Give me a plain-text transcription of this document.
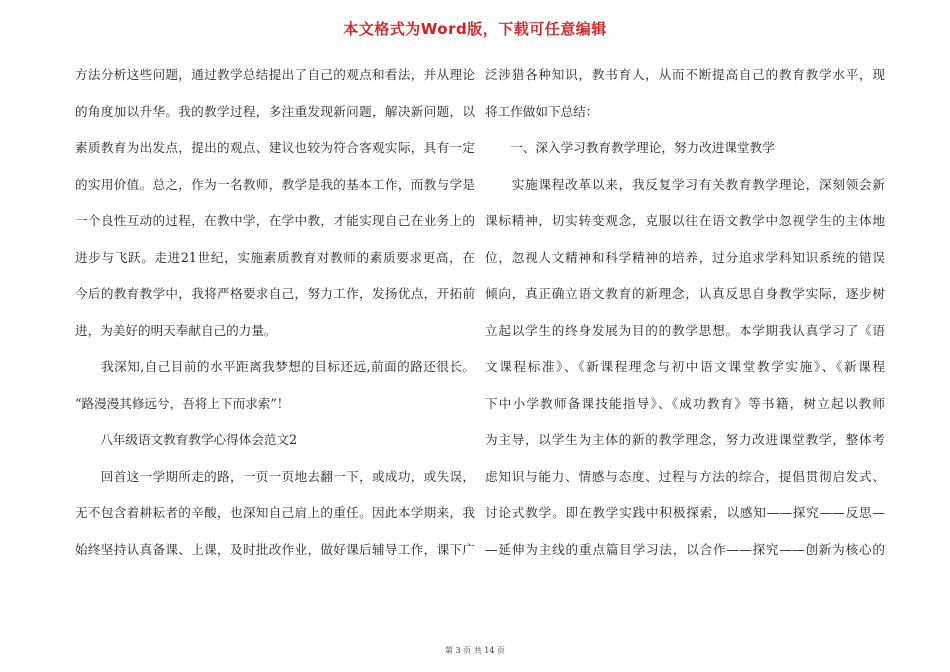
本文格式为Word版，下载可任意编辑
方法分析这些问题，通过教学总结提出了自己的观点和看法，并从理论
的角度加以升华。我的教学过程，多注重发现新问题，解决新问题，以
素质教育为出发点，提出的观点、建议也较为符合客观实际，具有一定
的实用价值。总之，作为一名教师，教学是我的基本工作，而教与学是
一个良性互动的过程，在教中学，在学中教，才能实现自己在业务上的
进步与飞跃。走进21世纪，实施素质教育对教师的素质要求更高，在
今后的教育教学中，我将严格要求自己，努力工作，发扬优点，开拓前
进，为美好的明天奉献自己的力量。
　　我深知,自己目前的水平距离我梦想的目标还远,前面的路还很长。
“路漫漫其修远兮，吾将上下而求索”！
　　八年级语文教育教学心得体会范文2
　　回首这一学期所走的路，一页一页地去翻一下，或成功，或失误，
无不包含着耕耘者的辛酸，也深知自己肩上的重任。因此本学期来，我
始终坚持认真备课、上课，及时批改作业，做好课后辅导工作，课下广
泛涉猎各种知识，教书育人，从而不断提高自己的教育教学水平，现
将工作做如下总结：
　　一、深入学习教育教学理论，努力改进课堂教学
　　实施课程改革以来，我反复学习有关教育教学理论，深刻领会新
课标精神，切实转变观念，克服以往在语文教学中忽视学生的主体地
位，忽视人文精神和科学精神的培养，过分追求学科知识系统的错误
倾向，真正确立语文教育的新理念，认真反思自身教学实际，逐步树
立起以学生的终身发展为目的的教学思想。本学期我认真学习了《语
文课程标准》、《新课程理念与初中语文课堂教学实施》、《新课程
下中小学教师备课技能指导》、《成功教育》等书籍，树立起以教师
为主导，以学生为主体的新的教学理念，努力改进课堂教学，整体考
虑知识与能力、情感与态度、过程与方法的综合，提倡贯彻启发式、
讨论式教学。即在教学实践中积极探索，以感知——探究——反思—
—延伸为主线的重点篇目学习法，以合作——探究——创新为核心的
第 3 页 共 14 页
